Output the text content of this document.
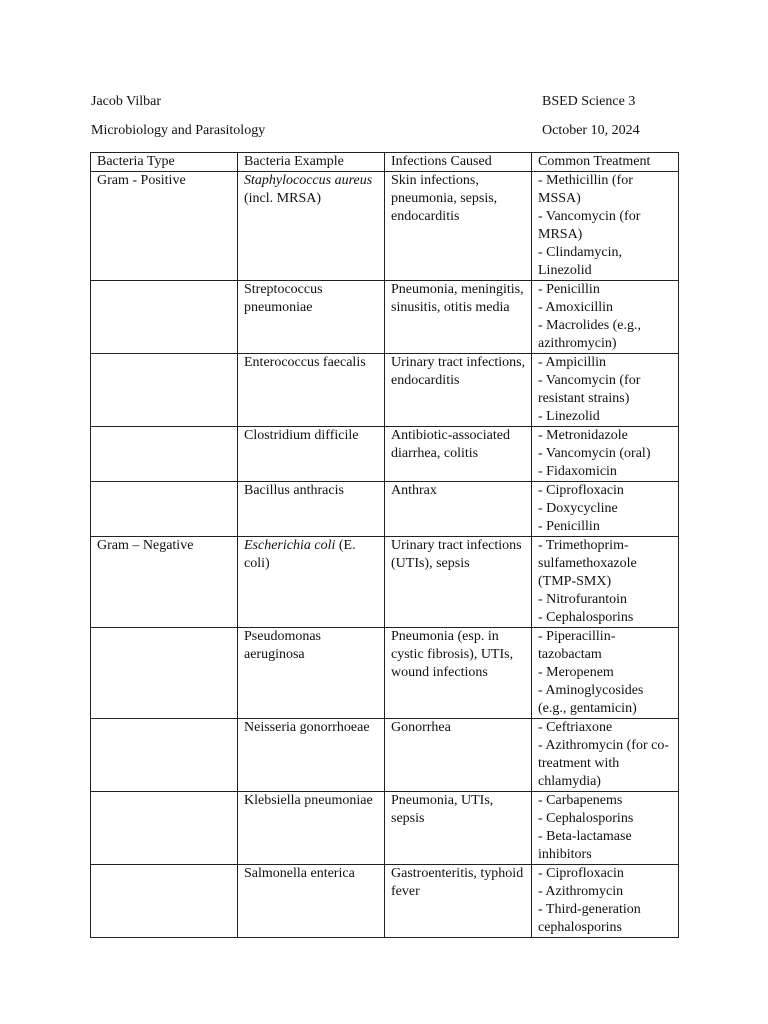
Jacob Vilbar	BSED Science 3
Microbiology and Parasitology	October 10, 2024
Bacteria Type	Bacteria Example	Infections Caused	Common Treatment
Gram - Positive	Staphylococcus aureus (incl. MRSA)	Skin infections, pneumonia, sepsis, endocarditis	- Methicillin (for MSSA)
- Vancomycin (for MRSA)
- Clindamycin, Linezolid
	Streptococcus pneumoniae	Pneumonia, meningitis, sinusitis, otitis media	- Penicillin
- Amoxicillin
- Macrolides (e.g., azithromycin)
	Enterococcus faecalis	Urinary tract infections, endocarditis	- Ampicillin
- Vancomycin (for resistant strains)
- Linezolid
	Clostridium difficile	Antibiotic-associated diarrhea, colitis	- Metronidazole
- Vancomycin (oral)
- Fidaxomicin
	Bacillus anthracis	Anthrax	- Ciprofloxacin
- Doxycycline
- Penicillin
Gram – Negative	Escherichia coli (E. coli)	Urinary tract infections (UTIs), sepsis	- Trimethoprim-sulfamethoxazole (TMP-SMX)
- Nitrofurantoin
- Cephalosporins
	Pseudomonas aeruginosa	Pneumonia (esp. in cystic fibrosis), UTIs, wound infections	- Piperacillin-tazobactam
- Meropenem
- Aminoglycosides (e.g., gentamicin)
	Neisseria gonorrhoeae	Gonorrhea	- Ceftriaxone
- Azithromycin (for co-treatment with chlamydia)
	Klebsiella pneumoniae	Pneumonia, UTIs, sepsis	- Carbapenems
- Cephalosporins
- Beta-lactamase inhibitors
	Salmonella enterica	Gastroenteritis, typhoid fever	- Ciprofloxacin
- Azithromycin
- Third-generation cephalosporins
